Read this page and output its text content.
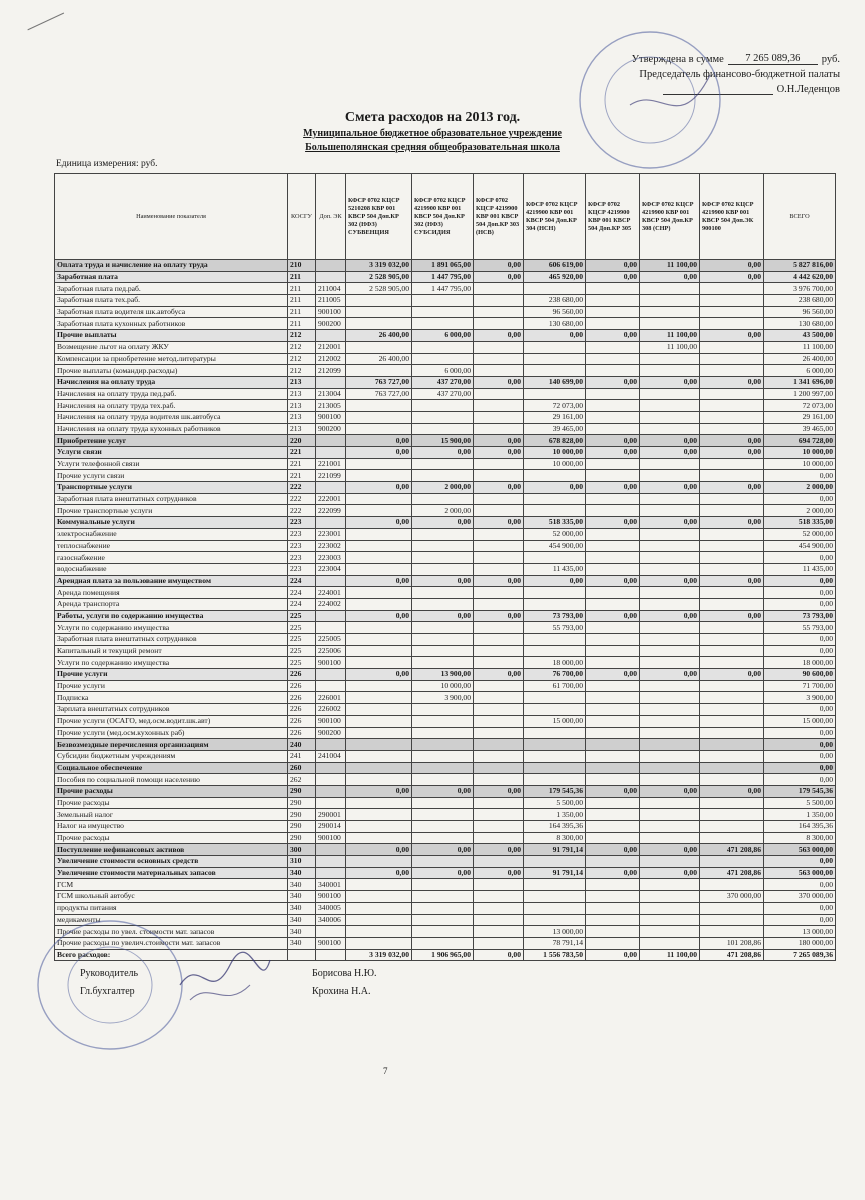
Утверждена в сумме	7 265 089,36	руб.
Председатель финансово-бюджетной палаты
О.Н.Леденцов
Смета расходов на 2013 год.
Муниципальное бюджетное образовательное учреждение
Большеполянская средняя общеобразовательная школа
Единица измерения: руб.
Наименование показателя	КОСГУ	Доп. ЭК	КФСР 0702 КЦСР 5210208 КВР 001 КВСР 504 Доп.КР 302 (НФЗ) СУБВЕНЦИЯ	КФСР 0702 КЦСР 4219900 КВР 001 КВСР 504 Доп.КР 302 (НФЗ) СУБСИДИЯ	КФСР 0702 КЦСР 4219900 КВР 001 КВСР 504 Доп.КР 303 (НСВ)	КФСР 0702 КЦСР 4219900 КВР 001 КВСР 504 Доп.КР 304 (НСН)	КФСР 0702 КЦСР 4219900 КВР 001 КВСР 504 Доп.КР 305	КФСР 0702 КЦСР 4219900 КВР 001 КВСР 504 Доп.КР 308 (СНР)	КФСР 0702 КЦСР 4219900 КВР 001 КВСР 504 Доп.ЭК 900100	ВСЕГО
Оплата труда и начисление на оплату труда	210		3 319 032,00	1 891 065,00	0,00	606 619,00	0,00	11 100,00	0,00	5 827 816,00
Заработная плата	211		2 528 905,00	1 447 795,00	0,00	465 920,00	0,00	0,00	0,00	4 442 620,00
Заработная плата пед.раб.	211	211004	2 528 905,00	1 447 795,00						3 976 700,00
Заработная плата тех.раб.	211	211005				238 680,00				238 680,00
Заработная плата водителя шк.автобуса	211	900100				96 560,00				96 560,00
Заработная плата кухонных работников	211	900200				130 680,00				130 680,00
Прочие выплаты	212		26 400,00	6 000,00	0,00	0,00	0,00	11 100,00	0,00	43 500,00
Возмещение льгот на оплату ЖКУ	212	212001						11 100,00		11 100,00
Компенсации за приобретение метод.литературы	212	212002	26 400,00							26 400,00
Прочие выплаты (командир.расходы)	212	212099		6 000,00						6 000,00
Начисления на оплату труда	213		763 727,00	437 270,00	0,00	140 699,00	0,00	0,00	0,00	1 341 696,00
Начисления на оплату труда пед.раб.	213	213004	763 727,00	437 270,00						1 200 997,00
Начисления на оплату труда тех.раб.	213	213005				72 073,00				72 073,00
Начисления на оплату труда водителя шк.автобуса	213	900100				29 161,00				29 161,00
Начисления на оплату труда кухонных работников	213	900200				39 465,00				39 465,00
Приобретение услуг	220		0,00	15 900,00	0,00	678 828,00	0,00	0,00	0,00	694 728,00
Услуги связи	221		0,00	0,00	0,00	10 000,00	0,00	0,00	0,00	10 000,00
Услуги телефонной связи	221	221001				10 000,00				10 000,00
Прочие услуги связи	221	221099								0,00
Транспортные услуги	222		0,00	2 000,00	0,00	0,00	0,00	0,00	0,00	2 000,00
Заработная плата внештатных сотрудников	222	222001								0,00
Прочие транспортные услуги	222	222099		2 000,00						2 000,00
Коммунальные услуги	223		0,00	0,00	0,00	518 335,00	0,00	0,00	0,00	518 335,00
электроснабжение	223	223001				52 000,00				52 000,00
теплоснабжение	223	223002				454 900,00				454 900,00
газоснабжение	223	223003								0,00
водоснабжение	223	223004				11 435,00				11 435,00
Арендная плата за пользование имуществом	224		0,00	0,00	0,00	0,00	0,00	0,00	0,00	0,00
Аренда помещения	224	224001								0,00
Аренда транспорта	224	224002								0,00
Работы, услуги по содержанию имущества	225		0,00	0,00	0,00	73 793,00	0,00	0,00	0,00	73 793,00
Услуги по содержанию имущества	225					55 793,00				55 793,00
Заработная плата внештатных сотрудников	225	225005								0,00
Капитальный и текущий ремонт	225	225006								0,00
Услуги по содержанию имущества	225	900100				18 000,00				18 000,00
Прочие услуги	226		0,00	13 900,00	0,00	76 700,00	0,00	0,00	0,00	90 600,00
Прочие услуги	226			10 000,00		61 700,00				71 700,00
Подписка	226	226001		3 900,00						3 900,00
Зарплата внештатных сотрудников	226	226002								0,00
Прочие услуги (ОСАГО, мед.осм.водит.шк.авт)	226	900100				15 000,00				15 000,00
Прочие услуги (мед.осм.кухонных раб)	226	900200								0,00
Безвозмездные перечисления организациям	240									0,00
Субсидии бюджетным учреждениям	241	241004								0,00
Социальное обеспечение	260									0,00
Пособия по социальной помощи населению	262									0,00
Прочие расходы	290		0,00	0,00	0,00	179 545,36	0,00	0,00	0,00	179 545,36
Прочие расходы	290					5 500,00				5 500,00
Земельный налог	290	290001				1 350,00				1 350,00
Налог на имущество	290	290014				164 395,36				164 395,36
Прочие расходы	290	900100				8 300,00				8 300,00
Поступление нефинансовых активов	300		0,00	0,00	0,00	91 791,14	0,00	0,00	471 208,86	563 000,00
Увеличение стоимости основных средств	310									0,00
Увеличение стоимости материальных запасов	340		0,00	0,00	0,00	91 791,14	0,00	0,00	471 208,86	563 000,00
ГСМ	340	340001								0,00
ГСМ школьный автобус	340	900100							370 000,00	370 000,00
продукты питания	340	340005								0,00
медикаменты	340	340006								0,00
Прочие расходы по увел. стоимости мат. запасов	340					13 000,00				13 000,00
Прочие расходы по увелич.стоимости мат. запасов	340	900100				78 791,14			101 208,86	180 000,00
Всего расходов:			3 319 032,00	1 906 965,00	0,00	1 556 783,50	0,00	11 100,00	471 208,86	7 265 089,36
Руководитель	Борисова Н.Ю.
Гл.бухгалтер	Крохина Н.А.
7
